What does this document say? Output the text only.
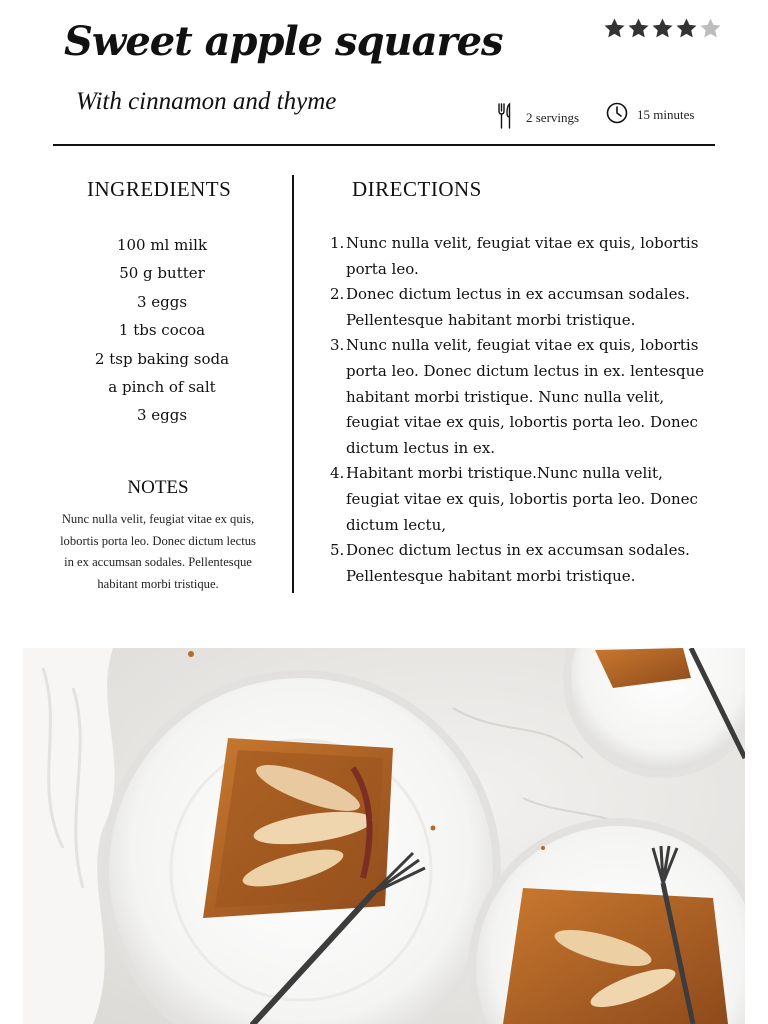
Sweet apple squares
With cinnamon and thyme
2 servings	15 minutes
INGREDIENTS
100 ml milk
50 g butter
3 eggs
1 tbs cocoa
2 tsp baking soda
a pinch of salt
3 eggs
NOTES
Nunc nulla velit, feugiat vitae ex quis, lobortis porta leo. Donec dictum lectus in ex accumsan sodales. Pellentesque habitant morbi tristique.
DIRECTIONS
1. Nunc nulla velit, feugiat vitae ex quis, lobortis porta leo.
2. Donec dictum lectus in ex accumsan sodales. Pellentesque habitant morbi tristique.
3. Nunc nulla velit, feugiat vitae ex quis, lobortis porta leo. Donec dictum lectus in ex. lentesque habitant morbi tristique. Nunc nulla velit, feugiat vitae ex quis, lobortis porta leo. Donec dictum lectus in ex.
4. Habitant morbi tristique.Nunc nulla velit, feugiat vitae ex quis, lobortis porta leo. Donec dictum lectu,
5. Donec dictum lectus in ex accumsan sodales. Pellentesque habitant morbi tristique.
